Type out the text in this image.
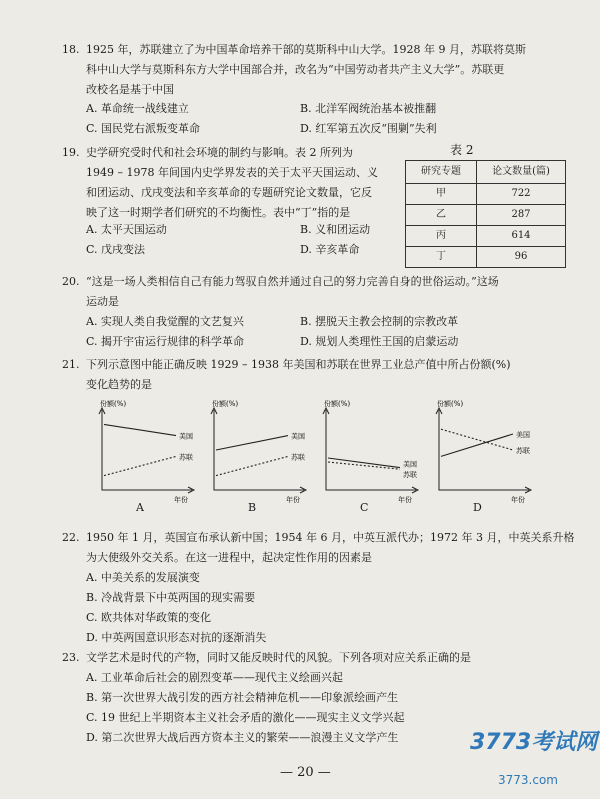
18. 1925 年，苏联建立了为中国革命培养干部的莫斯科中山大学。1928 年 9 月，苏联将莫斯
科中山大学与莫斯科东方大学中国部合并，改名为“中国劳动者共产主义大学”。苏联更
改校名是基于中国
A. 革命统一战线建立	B. 北洋军阀统治基本被推翻
C. 国民党右派叛变革命	D. 红军第五次反“围剿”失利
19. 史学研究受时代和社会环境的制约与影响。表 2 所列为
1949 – 1978 年间国内史学界发表的关于太平天国运动、义
和团运动、戊戌变法和辛亥革命的专题研究论文数量，它反
映了这一时期学者们研究的不均衡性。表中“丁”指的是
A. 太平天国运动	B. 义和团运动
C. 戊戌变法	D. 辛亥革命
表 2
研究专题	论文数量(篇)
甲	722
乙	287
丙	614
丁	96
20. “这是一场人类相信自己有能力驾驭自然并通过自己的努力完善自身的世俗运动。”这场
运动是
A. 实现人类自我觉醒的文艺复兴	B. 摆脱天主教会控制的宗教改革
C. 揭开宇宙运行规律的科学革命	D. 规划人类理性王国的启蒙运动
21. 下列示意图中能正确反映 1929 – 1938 年美国和苏联在世界工业总产值中所占份额(%)
变化趋势的是
份额(%)
年份
美国
苏联
A
份额(%)
年份
美国
苏联
B
份额(%)
年份
美国
苏联
C
份额(%)
年份
美国
苏联
D
22. 1950 年 1 月，英国宣布承认新中国；1954 年 6 月，中英互派代办；1972 年 3 月，中英关系升格
为大使级外交关系。在这一进程中，起决定性作用的因素是
A. 中美关系的发展演变
B. 冷战背景下中英两国的现实需要
C. 欧共体对华政策的变化
D. 中英两国意识形态对抗的逐渐消失
23. 文学艺术是时代的产物，同时又能反映时代的风貌。下列各项对应关系正确的是
A. 工业革命后社会的剧烈变革——现代主义绘画兴起
B. 第一次世界大战引发的西方社会精神危机——印象派绘画产生
C. 19 世纪上半期资本主义社会矛盾的激化——现实主义文学兴起
D. 第二次世界大战后西方资本主义的繁荣——浪漫主义文学产生
— 20 —
3773考试网
3773.com
